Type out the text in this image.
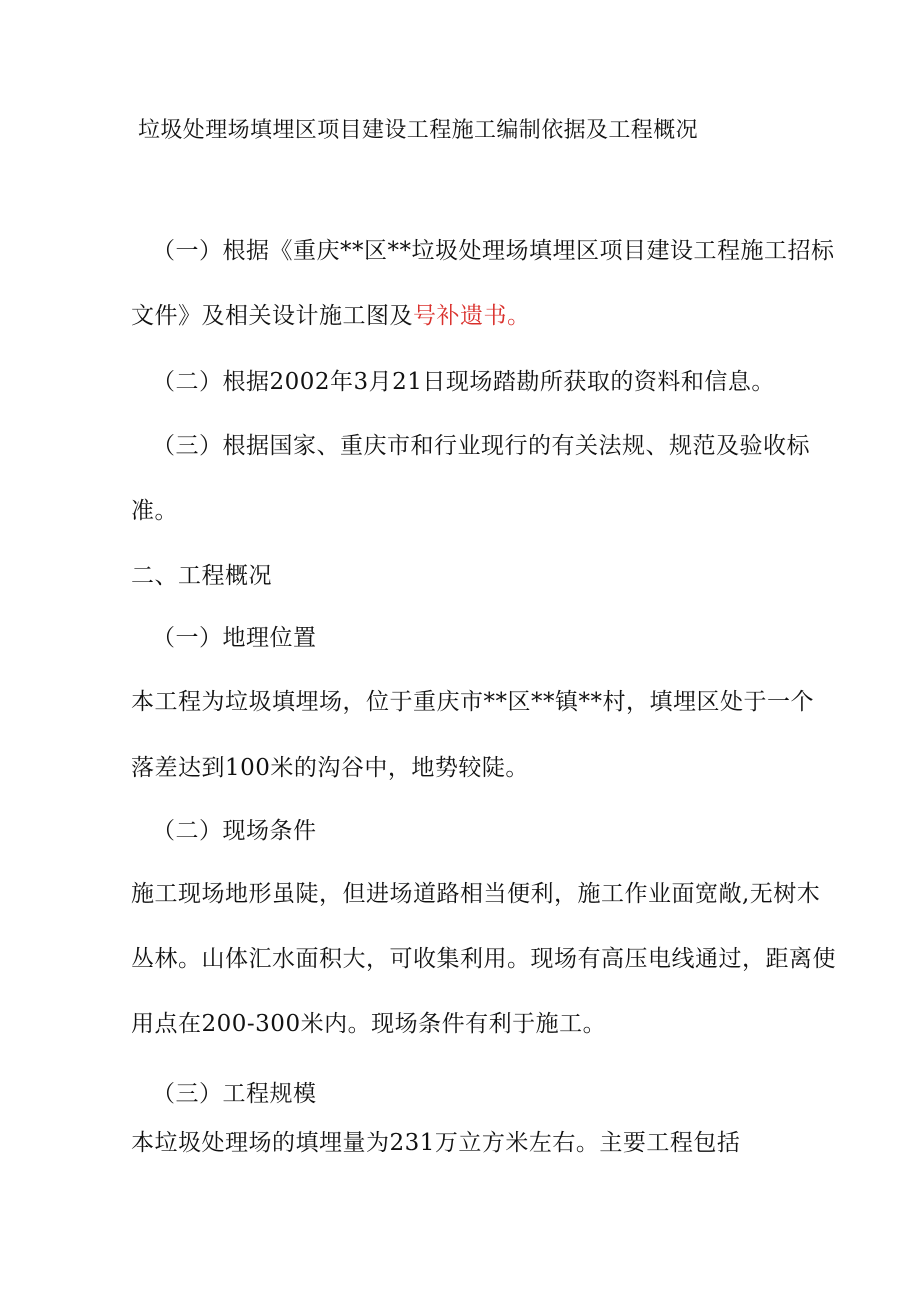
垃圾处理场填埋区项目建设工程施工编制依据及工程概况
（一）根据《重庆**区**垃圾处理场填埋区项目建设工程施工招标
文件》及相关设计施工图及号补遗书。
（二）根据2002年3月21日现场踏勘所获取的资料和信息。
（三）根据国家、重庆市和行业现行的有关法规、规范及验收标
准。
二、工程概况
（一）地理位置
本工程为垃圾填埋场，位于重庆市**区**镇**村，填埋区处于一个
落差达到100米的沟谷中，地势较陡。
（二）现场条件
施工现场地形虽陡，但进场道路相当便利，施工作业面宽敞,无树木
丛林。山体汇水面积大，可收集利用。现场有高压电线通过，距离使
用点在200-300米内。现场条件有利于施工。
（三）工程规模
本垃圾处理场的填埋量为231万立方米左右。主要工程包括
